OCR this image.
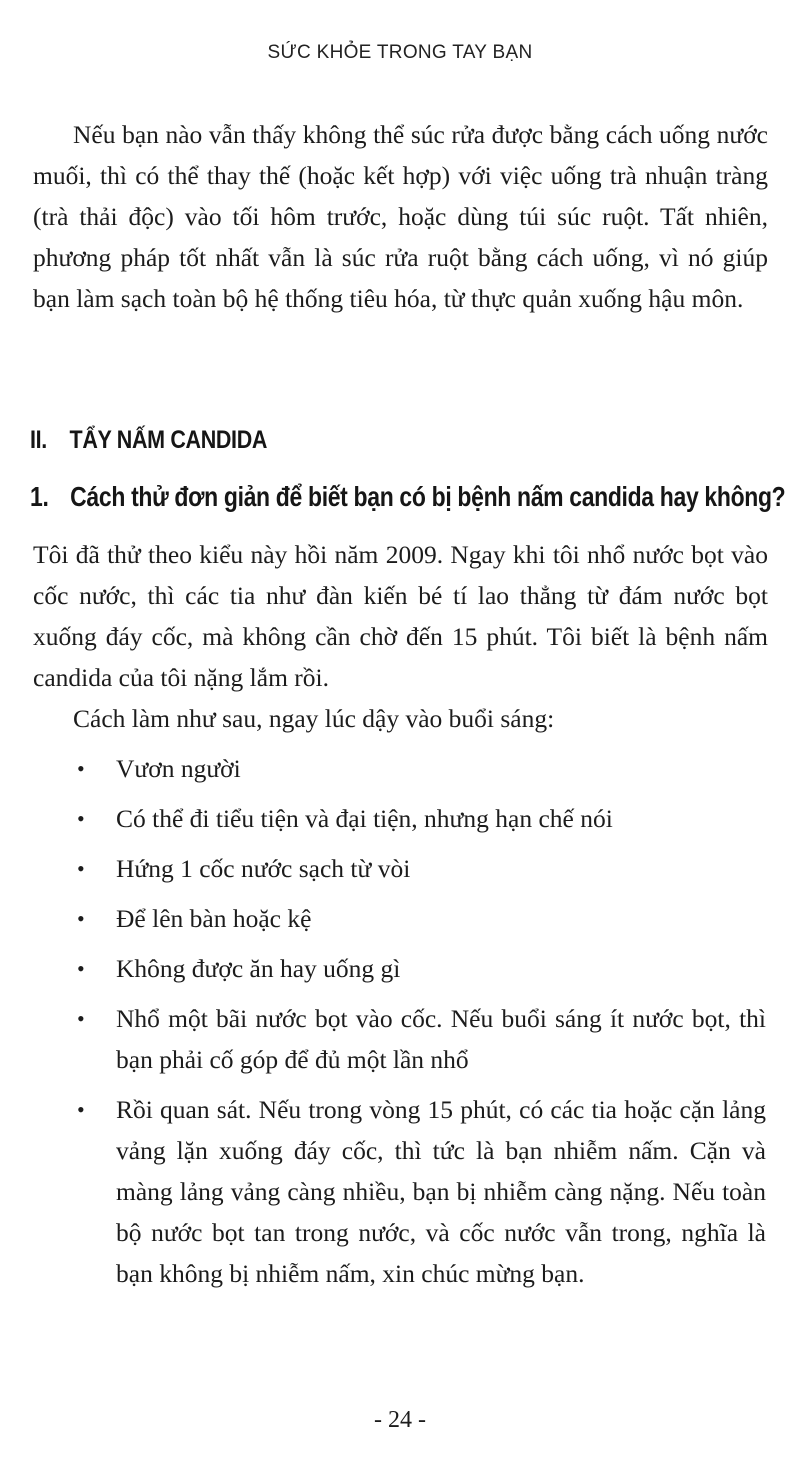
SỨC KHỎE TRONG TAY BẠN

Nếu bạn nào vẫn thấy không thể súc rửa được bằng cách uống nước muối, thì có thể thay thế (hoặc kết hợp) với việc uống trà nhuận tràng (trà thải độc) vào tối hôm trước, hoặc dùng túi súc ruột. Tất nhiên, phương pháp tốt nhất vẫn là súc rửa ruột bằng cách uống, vì nó giúp bạn làm sạch toàn bộ hệ thống tiêu hóa, từ thực quản xuống hậu môn.

II. TẨY NẤM CANDIDA
1. Cách thử đơn giản để biết bạn có bị bệnh nấm candida hay không?

Tôi đã thử theo kiểu này hồi năm 2009. Ngay khi tôi nhổ nước bọt vào cốc nước, thì các tia như đàn kiến bé tí lao thẳng từ đám nước bọt xuống đáy cốc, mà không cần chờ đến 15 phút. Tôi biết là bệnh nấm candida của tôi nặng lắm rồi.

Cách làm như sau, ngay lúc dậy vào buổi sáng:

• Vươn người
• Có thể đi tiểu tiện và đại tiện, nhưng hạn chế nói
• Hứng 1 cốc nước sạch từ vòi
• Để lên bàn hoặc kệ
• Không được ăn hay uống gì
• Nhổ một bãi nước bọt vào cốc. Nếu buổi sáng ít nước bọt, thì bạn phải cố góp để đủ một lần nhổ
• Rồi quan sát. Nếu trong vòng 15 phút, có các tia hoặc cặn lảng vảng lặn xuống đáy cốc, thì tức là bạn nhiễm nấm. Cặn và màng lảng vảng càng nhiều, bạn bị nhiễm càng nặng. Nếu toàn bộ nước bọt tan trong nước, và cốc nước vẫn trong, nghĩa là bạn không bị nhiễm nấm, xin chúc mừng bạn.
- 24 -
